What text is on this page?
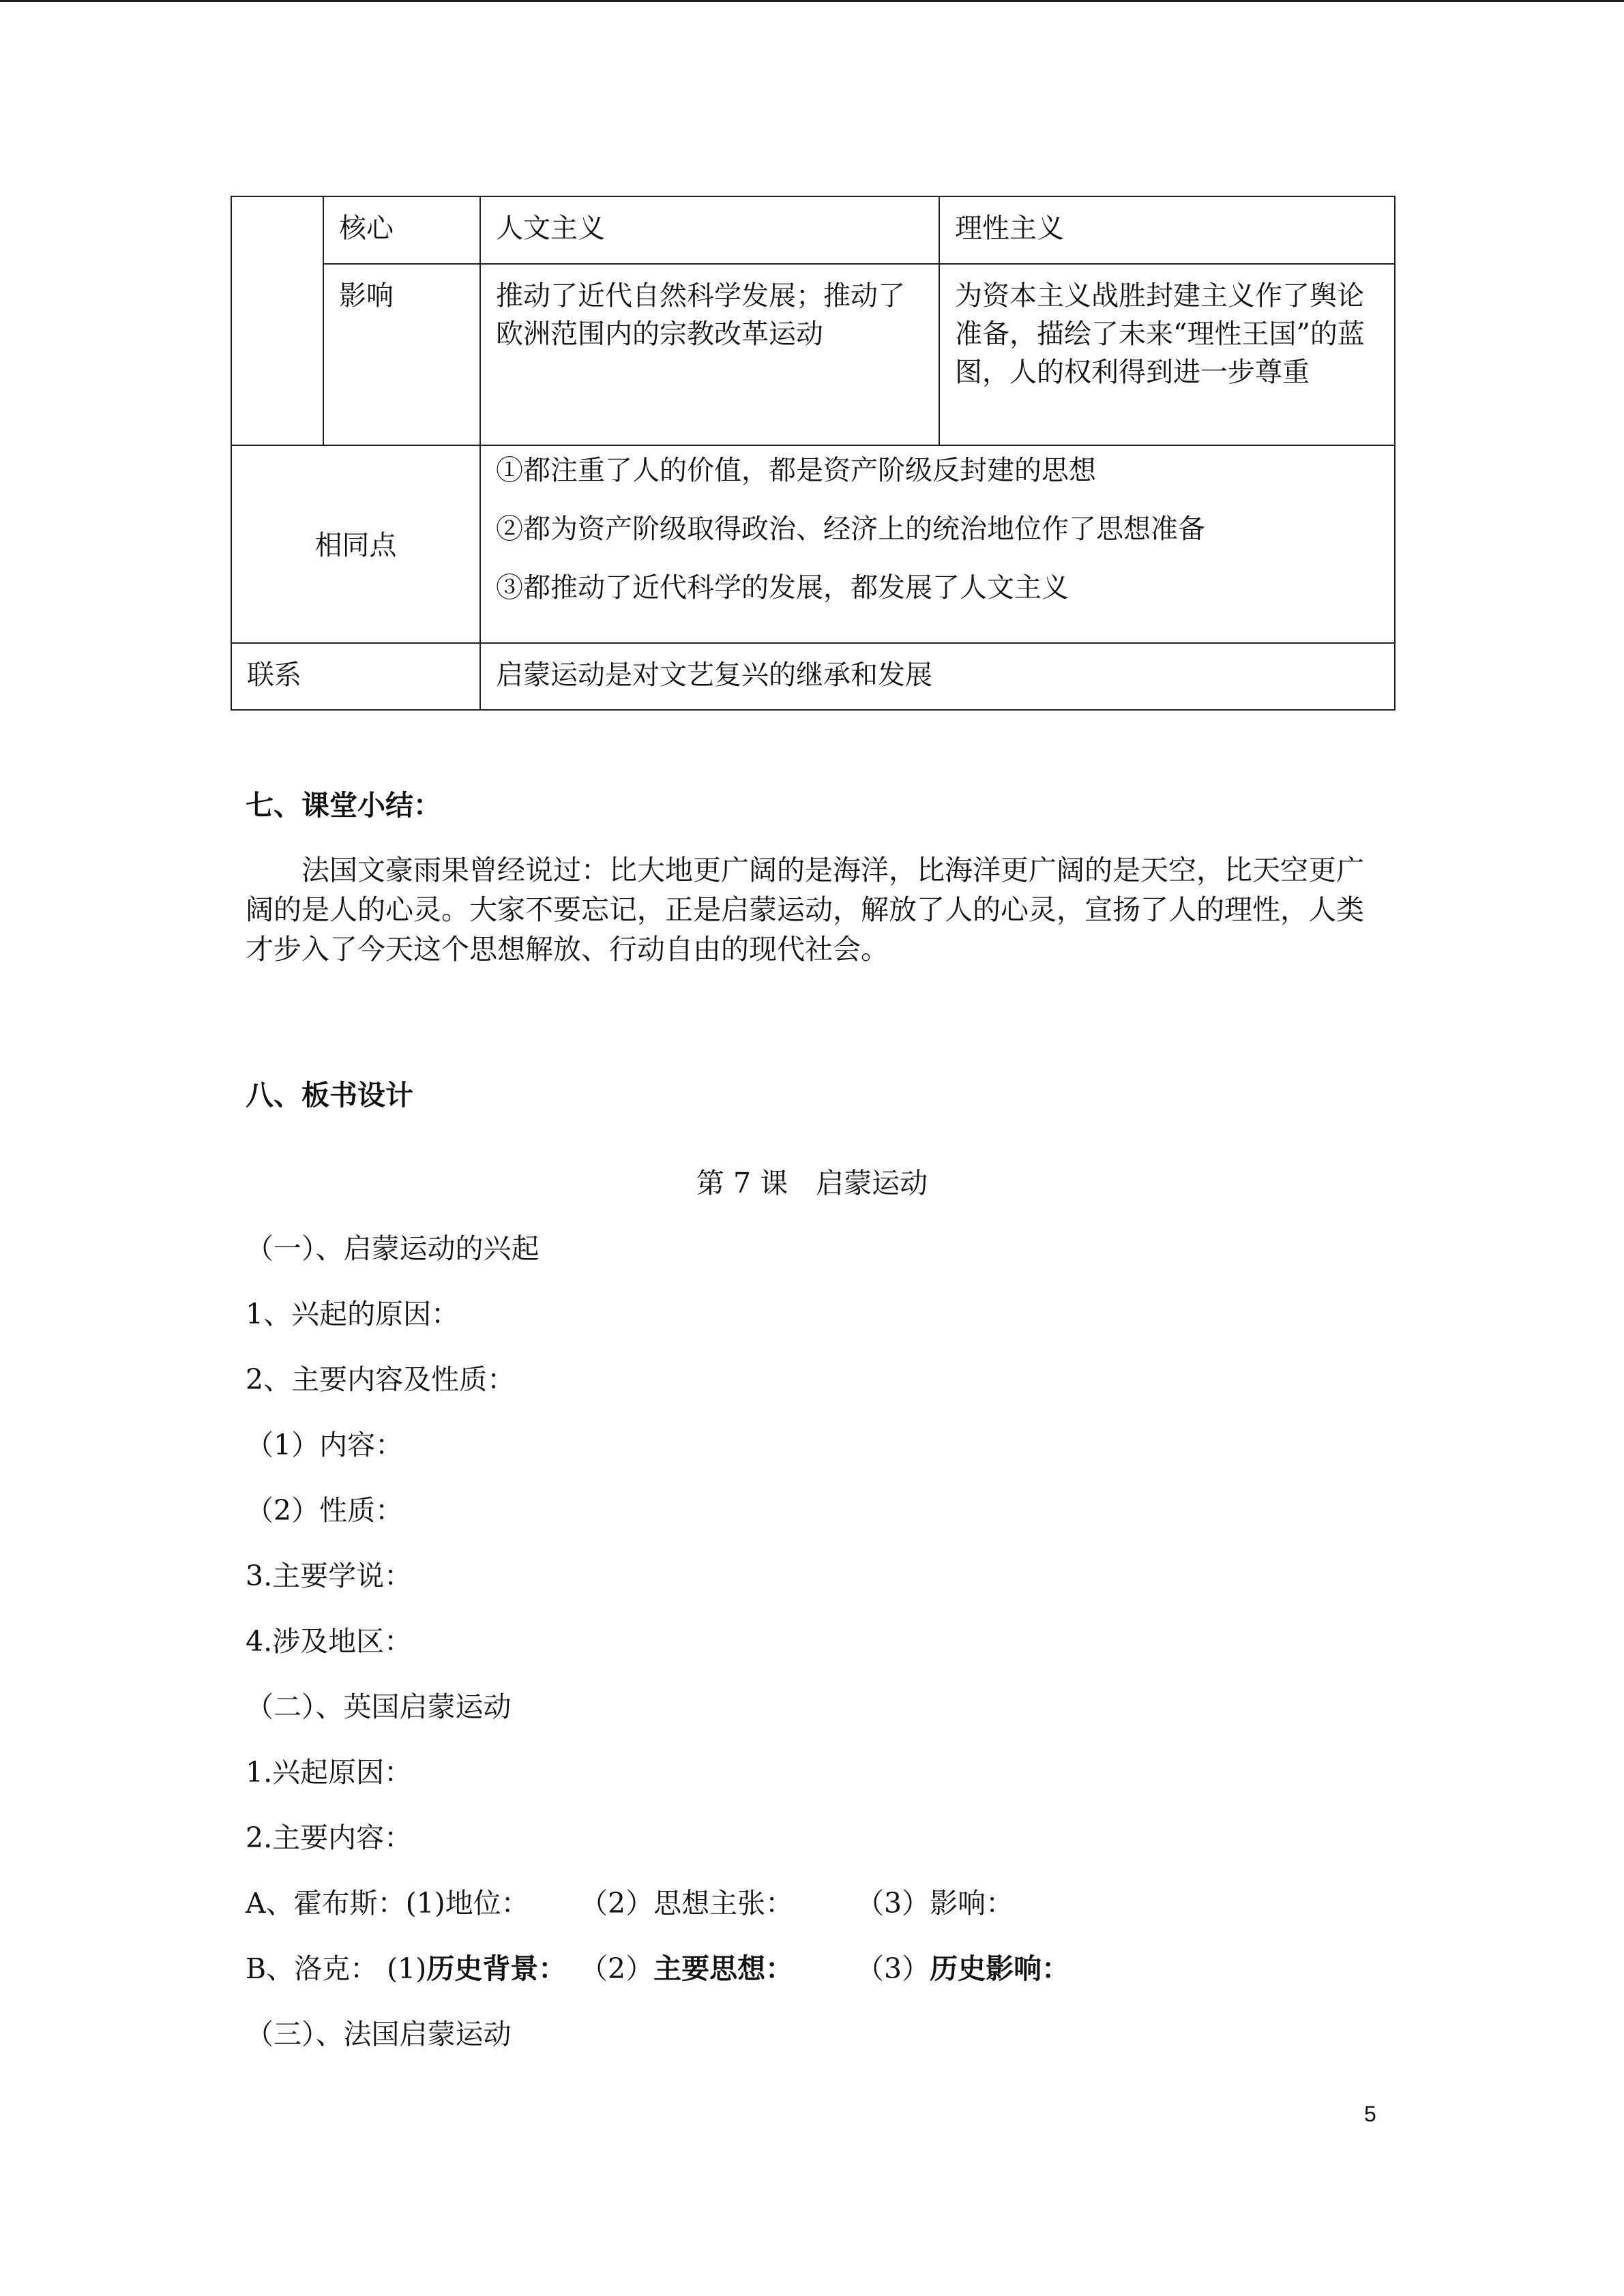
	核心	人文主义	理性主义
	影响	推动了近代自然科学发展；推动了欧洲范围内的宗教改革运动	为资本主义战胜封建主义作了舆论准备，描绘了未来“理性王国”的蓝图，人的权利得到进一步尊重
相同点		①都注重了人的价值，都是资产阶级反封建的思想
②都为资产阶级取得政治、经济上的统治地位作了思想准备
③都推动了近代科学的发展，都发展了人文主义	

联系		启蒙运动是对文艺复兴的继承和发展	
七、课堂小结：
法国文豪雨果曾经说过：比大地更广阔的是海洋，比海洋更广阔的是天空，比天空更广阔的是人的心灵。大家不要忘记，正是启蒙运动，解放了人的心灵，宣扬了人的理性，人类才步入了今天这个思想解放、行动自由的现代社会。
八、板书设计
第 7 课　启蒙运动
（一）、启蒙运动的兴起
1、兴起的原因：
2、主要内容及性质：
（1）内容：
（2）性质：
3.主要学说：
4.涉及地区：
（二）、英国启蒙运动
1.兴起原因：
2.主要内容：
A、霍布斯：(1)地位： （2）思想主张： （3）影响：
B、洛克： (1)历史背景： （2）主要思想： （3）历史影响：
（三）、法国启蒙运动
5
